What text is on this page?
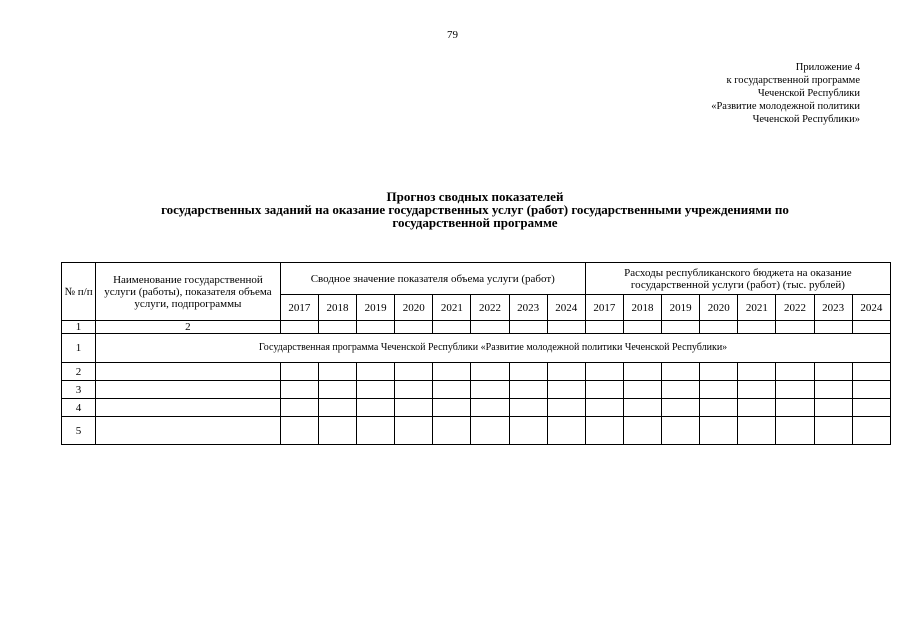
79
Приложение 4
к государственной программе
Чеченской Республики
«Развитие молодежной политики
Чеченской Республики»
Прогноз сводных показателей
государственных заданий на оказание государственных услуг (работ) государственными учреждениями по
государственной программе
№ п/п	Наименование государственной услуги (работы), показателя объема услуги, подпрограммы	Сводное значение показателя объема услуги (работ)								Расходы республиканского бюджета на оказание государственной услуги (работ) (тыс. рублей)							
		2017	2018	2019	2020	2021	2022	2023	2024	2017	2018	2019	2020	2021	2022	2023	2024
1	2																
1	Государственная программа Чеченской Республики «Развитие молодежной политики Чеченской Республики»																
2																	
3																	
4																	
5																	
